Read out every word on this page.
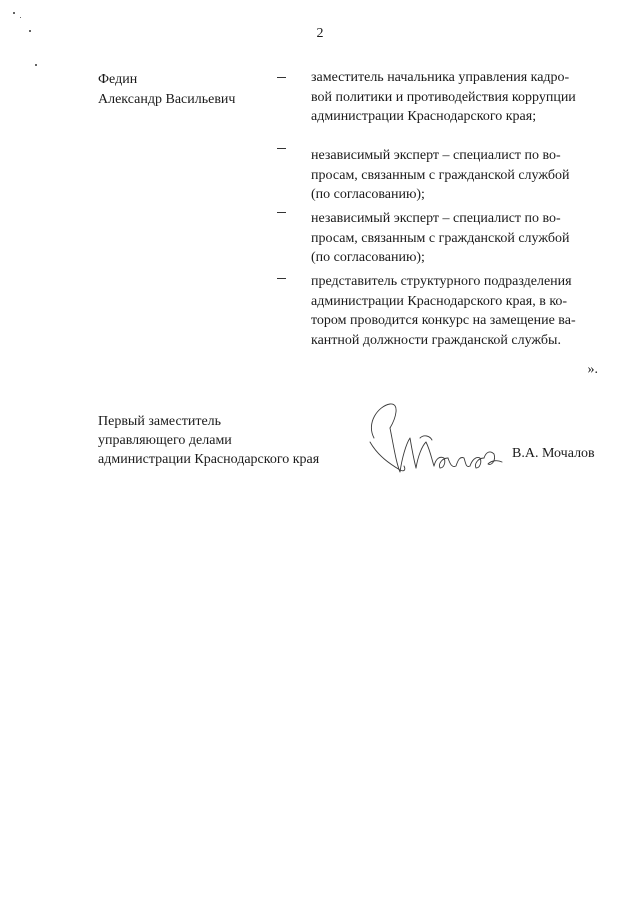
2
Федин
Александр Васильевич
заместитель начальника управления кадро-
вой политики и противодействия коррупции
администрации Краснодарского края;
независимый эксперт – специалист по во-
просам, связанным с гражданской службой
(по согласованию);
независимый эксперт – специалист по во-
просам, связанным с гражданской службой
(по согласованию);
представитель структурного подразделения
администрации Краснодарского края, в ко-
тором проводится конкурс на замещение ва-
кантной должности гражданской службы.
».
Первый заместитель
управляющего делами
администрации Краснодарского края	В.А. Мочалов
